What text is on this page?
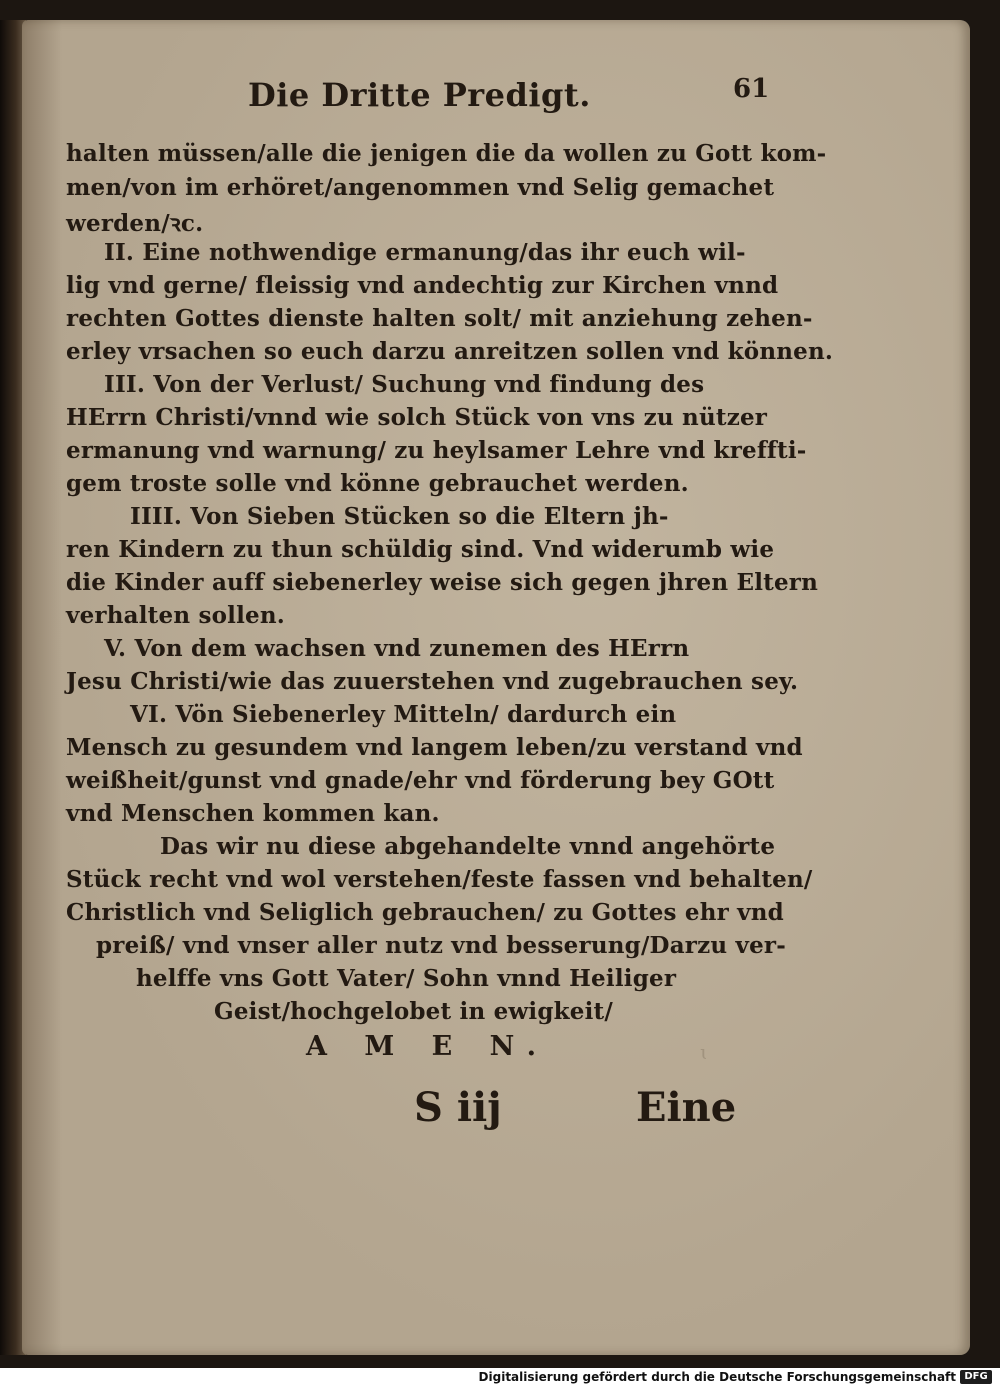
ɩ
Die Dritte Predigt.	61
halten müssen/alle die jenigen die da wollen zu Gott kom-
men/von im erhöret/angenommen vnd Selig gemachet
werden/ꝛc.
II. Eine nothwendige ermanung/das ihr euch wil-
lig vnd gerne/ fleissig vnd andechtig zur Kirchen vnnd
rechten Gottes dienste halten solt/ mit anziehung zehen-
erley vrsachen so euch darzu anreitzen sollen vnd können.
III. Von der Verlust/ Suchung vnd findung des
HErrn Christi/vnnd wie solch Stück von vns zu nützer
ermanung vnd warnung/ zu heylsamer Lehre vnd kreffti-
gem troste solle vnd könne gebrauchet werden.
IIII. Von Sieben Stücken so die Eltern jh-
ren Kindern zu thun schüldig sind. Vnd widerumb wie
die Kinder auff siebenerley weise sich gegen jhren Eltern
verhalten sollen.
V. Von dem wachsen vnd zunemen des HErrn
Jesu Christi/wie das zuuerstehen vnd zugebrauchen sey.
VI. Vön Siebenerley Mitteln/ dardurch ein
Mensch zu gesundem vnd langem leben/zu verstand vnd
weißheit/gunst vnd gnade/ehr vnd förderung bey GOtt
vnd Menschen kommen kan.
Das wir nu diese abgehandelte vnnd angehörte
Stück recht vnd wol verstehen/feste fassen vnd behalten/
Christlich vnd Seliglich gebrauchen/ zu Gottes ehr vnd
preiß/ vnd vnser aller nutz vnd besserung/Darzu ver-
helffe vns Gott Vater/ Sohn vnnd Heiliger
Geist/hochgelobet in ewigkeit/
A M E N.
S iij	Eine
Digitalisierung gefördert durch die Deutsche Forschungsgemeinschaft DFG
